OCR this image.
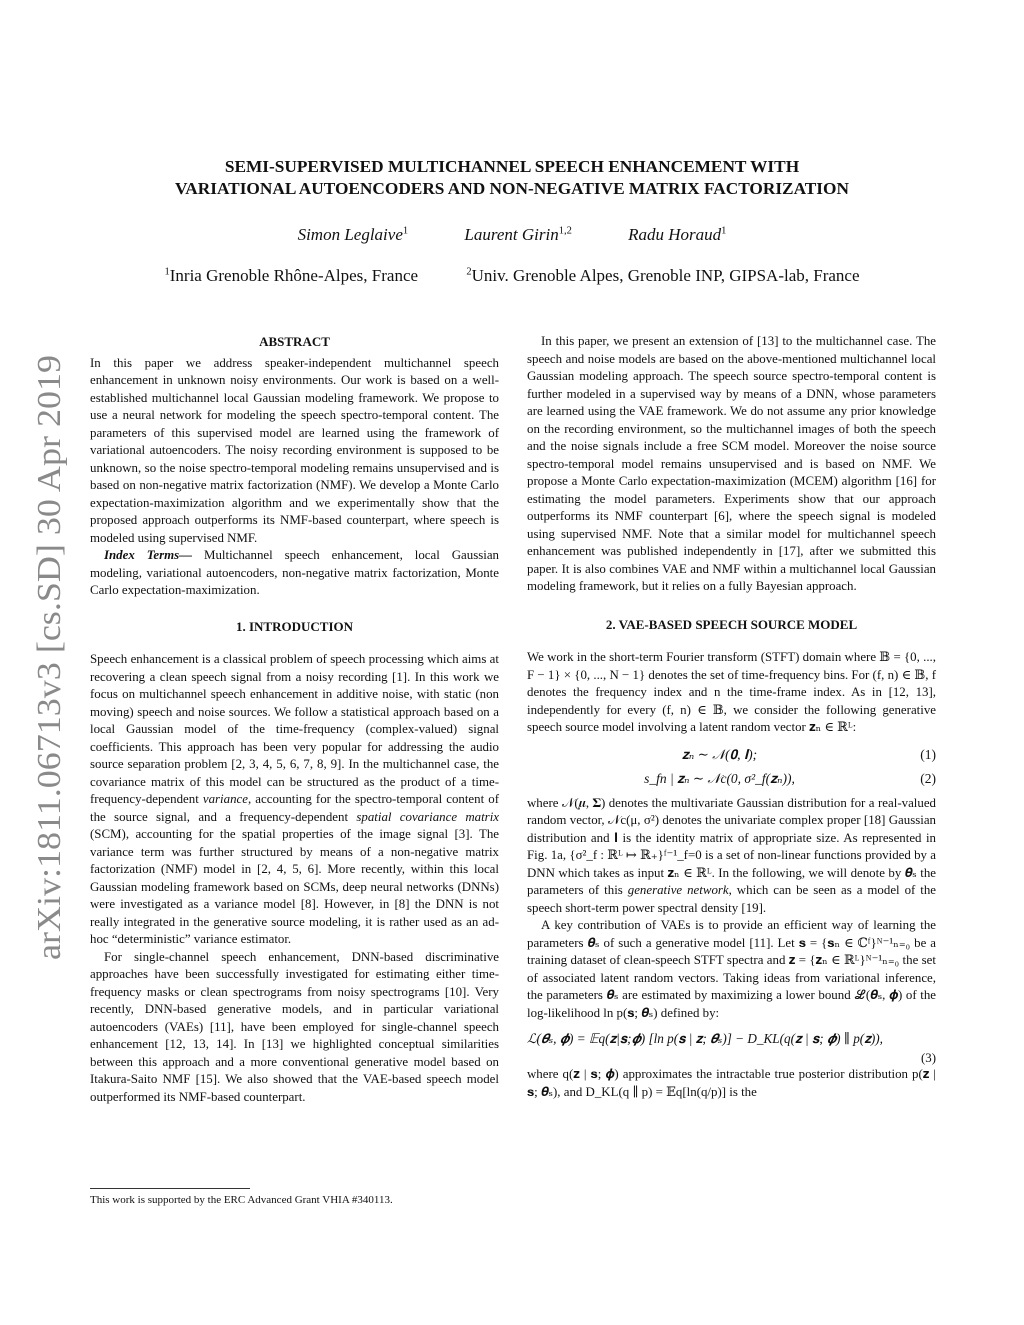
arXiv:1811.06713v3 [cs.SD] 30 Apr 2019
SEMI-SUPERVISED MULTICHANNEL SPEECH ENHANCEMENT WITH
VARIATIONAL AUTOENCODERS AND NON-NEGATIVE MATRIX FACTORIZATION
Simon Leglaive$^1$	Laurent Girin$^{1,2}$	Radu Horaud$^1$
$^1$Inria Grenoble Rhône-Alpes, France	$^2$Univ. Grenoble Alpes, Grenoble INP, GIPSA-lab, France
ABSTRACT

In this paper we address speaker-independent multichannel speech enhancement in unknown noisy environments. Our work is based on a well-established multichannel local Gaussian modeling framework. We propose to use a neural network for modeling the speech spectro-temporal content. The parameters of this supervised model are learned using the framework of variational autoencoders. The noisy recording environment is supposed to be unknown, so the noise spectro-temporal modeling remains unsupervised and is based on non-negative matrix factorization (NMF). We develop a Monte Carlo expectation-maximization algorithm and we experimentally show that the proposed approach outperforms its NMF-based counterpart, where speech is modeled using supervised NMF.

Index Terms— Multichannel speech enhancement, local Gaussian modeling, variational autoencoders, non-negative matrix factorization, Monte Carlo expectation-maximization.

1. INTRODUCTION

Speech enhancement is a classical problem of speech processing which aims at recovering a clean speech signal from a noisy recording [1]. In this work we focus on multichannel speech enhancement in additive noise, with static (non moving) speech and noise sources. We follow a statistical approach based on a local Gaussian model of the time-frequency (complex-valued) signal coefficients. This approach has been very popular for addressing the audio source separation problem [2, 3, 4, 5, 6, 7, 8, 9]. In the multichannel case, the covariance matrix of this model can be structured as the product of a time-frequency-dependent variance, accounting for the spectro-temporal content of the source signal, and a frequency-dependent spatial covariance matrix (SCM), accounting for the spatial properties of the image signal [3]. The variance term was further structured by means of a non-negative matrix factorization (NMF) model in [2, 4, 5, 6]. More recently, within this local Gaussian modeling framework based on SCMs, deep neural networks (DNNs) were investigated as a variance model [8]. However, in [8] the DNN is not really integrated in the generative source modeling, it is rather used as an ad-hoc “deterministic” variance estimator.

For single-channel speech enhancement, DNN-based discriminative approaches have been successfully investigated for estimating either time-frequency masks or clean spectrograms from noisy spectrograms [10]. Very recently, DNN-based generative models, and in particular variational autoencoders (VAEs) [11], have been employed for single-channel speech enhancement [12, 13, 14]. In [13] we highlighted conceptual similarities between this approach and a more conventional generative model based on Itakura-Saito NMF [15]. We also showed that the VAE-based speech model outperformed its NMF-based counterpart.

In this paper, we present an extension of [13] to the multichannel case. The speech and noise models are based on the above-mentioned multichannel local Gaussian modeling approach. The speech source spectro-temporal content is further modeled in a supervised way by means of a DNN, whose parameters are learned using the VAE framework. We do not assume any prior knowledge on the recording environment, so the multichannel images of both the speech and the noise signals include a free SCM model. Moreover the noise source spectro-temporal model remains unsupervised and is based on NMF. We propose a Monte Carlo expectation-maximization (MCEM) algorithm [16] for estimating the model parameters. Experiments show that our approach outperforms its NMF counterpart [6], where the speech signal is modeled using supervised NMF. Note that a similar model for multichannel speech enhancement was published independently in [17], after we submitted this paper. It is also combines VAE and NMF within a multichannel local Gaussian modeling framework, but it relies on a fully Bayesian approach.

2. VAE-BASED SPEECH SOURCE MODEL

We work in the short-term Fourier transform (STFT) domain where 𝔹 = {0, ..., F − 1} × {0, ..., N − 1} denotes the set of time-frequency bins. For (f, n) ∈ 𝔹, f denotes the frequency index and n the time-frame index. As in [12, 13], independently for every (f, n) ∈ 𝔹, we consider the following generative speech source model involving a latent random vector 𝐳ₙ ∈ ℝᴸ:

𝐳ₙ ∼ 𝒩(𝟎, 𝐈);	(1)
s_fn | 𝐳ₙ ∼ 𝒩c(0, σ²_f(𝐳ₙ)),	(2)

where 𝒩(𝝁, 𝚺) denotes the multivariate Gaussian distribution for a real-valued random vector, 𝒩c(μ, σ²) denotes the univariate complex proper [18] Gaussian distribution and 𝐈 is the identity matrix of appropriate size. As represented in Fig. 1a, {σ²_f : ℝᴸ ↦ ℝ₊}ᶠ⁻¹_f=0 is a set of non-linear functions provided by a DNN which takes as input 𝐳ₙ ∈ ℝᴸ. In the following, we will denote by 𝜽ₛ the parameters of this generative network, which can be seen as a model of the speech short-term power spectral density [19].

A key contribution of VAEs is to provide an efficient way of learning the parameters 𝜽ₛ of such a generative model [11]. Let 𝐬 = {𝐬ₙ ∈ ℂᶠ}ᴺ⁻¹ₙ₌₀ be a training dataset of clean-speech STFT spectra and 𝐳 = {𝐳ₙ ∈ ℝᴸ}ᴺ⁻¹ₙ₌₀ the set of associated latent random vectors. Taking ideas from variational inference, the parameters 𝜽ₛ are estimated by maximizing a lower bound ℒ(𝜽ₛ, 𝝓) of the log-likelihood ln p(𝐬; 𝜽ₛ) defined by:

ℒ(𝜽ₛ, 𝝓) = 𝔼q(𝐳|𝐬;𝝓) [ln p(𝐬 | 𝐳; 𝜽ₛ)] − D_KL(q(𝐳 | 𝐬; 𝝓) ∥ p(𝐳)),
(3)

where q(𝐳 | 𝐬; 𝝓) approximates the intractable true posterior distribution p(𝐳 | 𝐬; 𝜽ₛ), and D_KL(q ∥ p) = 𝔼q[ln(q/p)] is the

This work is supported by the ERC Advanced Grant VHIA #340113.
